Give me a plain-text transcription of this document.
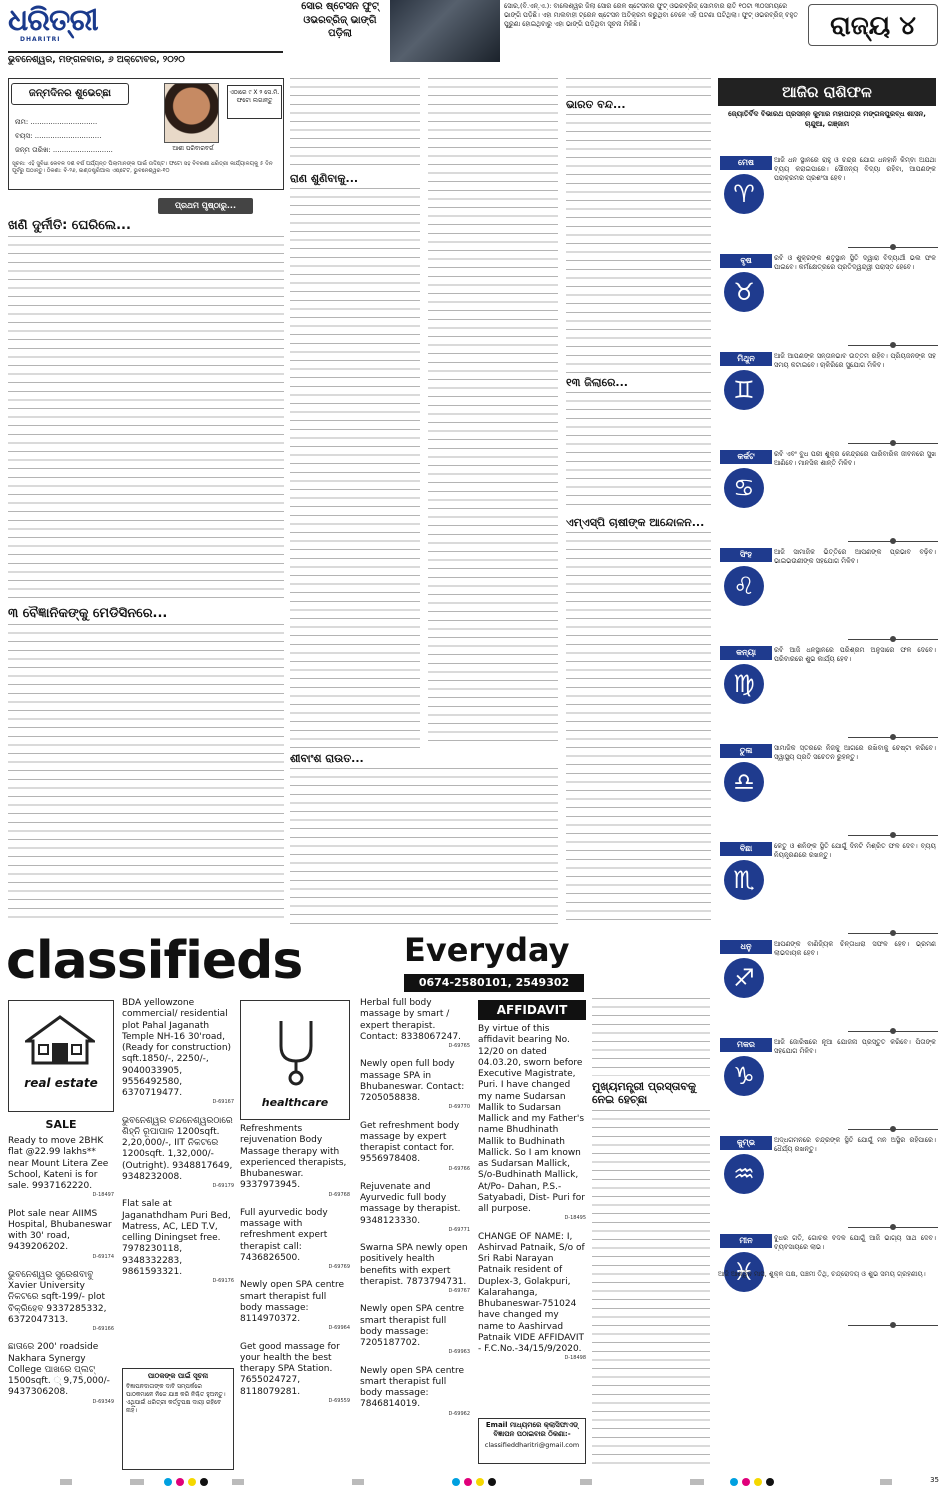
ଧରିତ୍ରୀ
DHARITRI
ସୋର ଷ୍ଟେସନ ଫୁଟ୍ ଓଭରବ୍ରିଜ୍ ଭାଙ୍ଗି ପଡ଼ିଲା
ସୋର,(ବି.ଏନ୍.ଏ.): ବାଲେଶ୍ୱର ଜିଲା ସୋର ରେଳ ଷ୍ଟେସନର ଫୁଟ୍ ଓଭରବ୍ରିଜ୍ ସୋମବାର ରାତି ୧୦ଟା ୩୦ସମୟରେ ଭାଙ୍ଗି ପଡ଼ିଛି। ଏହା ମାଲବାହୀ ଟ୍ରେନ ଷ୍ଟେସନ ଅତିକ୍ରମ କରୁଥିବା ବେଳେ ଏହି ଘଟଣା ଘଟିଥିଲା। ଫୁଟ୍ ଓଭରବ୍ରିଜ୍ ବହୁତ ପୁରୁଣା ହୋଇଥିବାରୁ ଏହା ଭାଙ୍ଗି ପଡ଼ିଥିବା ସୂଚନା ମିଳିଛି।	ରାଜ୍ୟ ୪
ଭୁବନେଶ୍ୱର, ମଙ୍ଗଳବାର, ୬ ଅକ୍ଟୋବର, ୨୦୨୦
ଜନ୍ମଦିନର ଶୁଭେଚ୍ଛା	ଏଠାରେ ୯ X ୨ ସେ.ମି. ଫଟୋ ଲଗାନ୍ତୁ
ନାମ: ..............................
ବୟସ: ..............................
ଜନ୍ମ ତାରିଖ: ...........................	ଆଶୀ ପରିବାରବର୍ଗ
ସୂଚନା: ଏହି ସୁବିଧା କେବଳ ଦଶ ବର୍ଷ ପର୍ଯ୍ୟନ୍ତ ପିଲାମାନଙ୍କ ପାଇଁ ଉଦ୍ଦିଷ୍ଟ। ଫଟୋ ସହ ବିବରଣୀ ଧରିତ୍ରୀ କାର୍ଯ୍ୟାଳୟକୁ ୫ ଦିନ ପୂର୍ବରୁ ପଠାନ୍ତୁ। ଠିକଣା: ବି-୨୬, ଇଣ୍ଡଷ୍ଟ୍ରିଆଲ ଏଷ୍ଟେଟ, ଭୁବନେଶ୍ୱର-୧୦
ପ୍ରଥମ ପୃଷ୍ଠାରୁ...
ଖଣି ଦୁର୍ନୀତି: ଘେରିଲେ...
୩ ବୈଜ୍ଞାନିକଙ୍କୁ ମେଡିସିନରେ...
ରାଣ ଶୁଣିବାକୁ...
ଶୀବାଂଶ ରାଉତ...
ଭାରତ ବନ୍ଦ...
୧୩ ଜିଲାରେ...
ଏମ୍ଏସ୍ପି ଚାଷୀଙ୍କ ଆନ୍ଦୋଳନ...
ଆଜିର ରାଶିଫଳ
ଜ୍ୟୋତିର୍ବିଦ ବିଭାରଥ ପ୍ରସନ୍ନ କୁମାର ମହାପାତ୍ର ମଙ୍ଗଳପୁରବ୍ଧ ଶାସନ, ଚାନ୍ଦୁଆ, ଗଞ୍ଜାମ
ମେଷ
♈
ଆଜି ଧନ ସ୍ଥାନରେ ରାହୁ ଓ ଚନ୍ଦ୍ର ଯୋଗ ଧନହାନି କିମ୍ବା ଅଯଥା ବ୍ୟୟ କରାଇପାରେ। ସୌଜନ୍ୟ ବିଦ୍ୟା ରହିବା, ଆପଣଙ୍କ ପରାକ୍ରମର ପ୍ରଶଂସା ହେବ।
ବୃଷ
♉
ରବି ଓ ଶୁକ୍ରଙ୍କ ଶତୃସ୍ଥାନ ସ୍ଥିତି ଦ୍ୱାରା ବିଦ୍ୟାର୍ଥୀ ଭଲ ଫଳ ପାଇବେ। କର୍ମକ୍ଷେତ୍ରରେ ପ୍ରତିଦ୍ୱନ୍ଦ୍ୱୀ ପରାସ୍ତ ହେବେ।
ମିଥୁନ
♊
ଆଜି ଆପଣଙ୍କ ସନ୍ତାନଭାବ ଉତ୍ତମ ରହିବ। ପ୍ରିୟଜନଙ୍କ ସହ ସମୟ କଟାଇବେ। ଚାକିରିରେ ସୁଯୋଗ ମିଳିବ।
କର୍କଟ
♋
ରବି ଏବଂ ବୁଧ ପରୀ ଶୁକ୍ର କେନ୍ଦ୍ରରେ ପାରିବାରିକ ଜୀବନରେ ସୁଖ ଆଣିବେ। ମାନସିକ ଶାନ୍ତି ମିଳିବ।
ସିଂହ
♌
ଆଜି ସାମାଜିକ ଭିତ୍ତିରେ ଆପଣଙ୍କ ପ୍ରଭାବ ବଢ଼ିବ। ଭାଇଭଉଣୀଙ୍କ ସହଯୋଗ ମିଳିବ।
କନ୍ୟା
♍
ରବି ଆଜି ଧନସ୍ଥାନରେ ପରିଶ୍ରମ ଅନୁସାରେ ଫଳ ଦେବେ। ପରିବାରରେ ଶୁଭ କାର୍ଯ୍ୟ ହେବ।
ତୁଳା
♎
ସାମାଜିକ ସ୍ତରରେ ନିଜକୁ ଆଗରେ ରଖିବାକୁ ଚେଷ୍ଟା କରିବେ। ସ୍ୱାସ୍ଥ୍ୟ ପ୍ରତି ସଚେତନ ରୁହନ୍ତୁ।
ବିଛା
♏
କେତୁ ଓ ଶନିଙ୍କ ସ୍ଥିତି ଯୋଗୁଁ ଦିନଟି ମିଶ୍ରିତ ଫଳ ଦେବ। ବ୍ୟୟ ନିୟନ୍ତ୍ରଣରେ ରଖନ୍ତୁ।
ଧନୁ
♐
ଆପଣଙ୍କ ବାଣିଜ୍ୟିକ ଚିନ୍ତାଧାରା ସଫଳ ହେବ। ଭ୍ରମଣ ଲାଭଦାୟକ ହେବ।
ମକର
♑
ଆଜି ଜୋରିଷରେ ନୂଆ ଯୋଜନା ପ୍ରସ୍ତୁତ କରିବେ। ପିତାଙ୍କ ସହଯୋଗ ମିଳିବ।
କୁମ୍ଭ
♒
ଅଦ୍ଧଗମନରେ ଚନ୍ଦ୍ରଙ୍କ ସ୍ଥିତି ଯୋଗୁଁ ମନ ଅସ୍ଥିର ରହିପାରେ। ଧୈର୍ଯ୍ୟ ରଖନ୍ତୁ।
ମୀନ
♓
ବୁଧର ଗତି, ଗୋଚର ବଦଳ ଯୋଗୁଁ ଆଜି ଭାଗ୍ୟ ସାଥ ଦେବ। ବ୍ୟବସାୟରେ ଲାଭ।
ଆଜି ଆଶ୍ୱିନ ମାସ, ଶୁକ୍ଳ ପକ୍ଷ, ପଞ୍ଚମୀ ତିଥି, ଚନ୍ଦ୍ରୋଦୟ ଓ ଶୁଭ ସମୟ ଗ୍ରହଣୀୟ।
classifieds	Everyday
0674-2580101, 2549302
ମୁଖ୍ୟମନ୍ତ୍ରୀ ପ୍ରସ୍ତାବକୁ ନେଇ ହେଚ୍ଛା
real estate
SALE
Ready to move 2BHK flat @22.99 lakhs** near Mount Litera Zee School, Kateni is for sale. 9937162220.
D-18497
Plot sale near AIIMS Hospital, Bhubaneswar with 30' road, 9439206202.
D-69174
ଭୁବନେଶ୍ୱର ସୁରେଶବାବୁ Xavier University ନିକଟରେ sqft-199/- plot ବିକ୍ରିହେବ 9337285332, 6372047313.
D-69166
ଛାତାରେ 200' roadside Nakhara Synergy College ପାଖରେ ପ୍ଲଟ୍ 1500sqft. ୍ 9,75,000/- 9437306208.
D-69349
BDA yellowzone commercial/ residential plot Pahal Jaganath Temple NH-16 30'road, (Ready for construction) sqft.1850/-, 2250/-, 9040033905, 9556492580, 6370719477.
D-69167
ଭୁବନେଶ୍ୱର ଚନ୍ଦନେଶ୍ୱରଠାରେ ଶିହ୍ନି ରୂପାପାଳ 1200sqft. 2,20,000/-, IIT ନିକଟରେ 1200sqft. 1,32,000/- (Outright). 9348817649, 9348232008.
D-69179
Flat sale at Jaganathdham Puri Bed, Matress, AC, LED T.V, celling Diningset free. 7978230118, 9348332283, 9861593321.
D-69176
ପାଠକଙ୍କ ପାଇଁ ସୂଚନା
ବିଜ୍ଞାପନଦାତାଙ୍କ ଦାବି ସମ୍ପର୍କରେ ପାଠକମାନେ ନିଜେ ଯାଞ୍ଚ କରି ନିଶ୍ଚିତ ହୁଅନ୍ତୁ। ଏଥିପାଇଁ ଧରିତ୍ରୀ କର୍ତ୍ତୃପକ୍ଷ ଦାୟୀ ରହିବେ ନାହିଁ।
healthcare
Refreshments rejuvenation Body Massage therapy with experienced therapists, Bhubaneswar. 9337973945.
D-69768
Full ayurvedic body massage with refreshment expert therapist call: 7436826500.
D-69769
Newly open SPA centre smart therapist full body massage: 8114970372.
D-69964
Get good massage for your health the best therapy SPA Station. 7655024727, 8118079281.
D-69559
Herbal full body massage by smart / expert therapist. Contact: 8338067247.
D-69765
Newly open full body massage SPA in Bhubaneswar. Contact: 7205058838.
D-69770
Get refreshment body massage by expert therapist contact for. 9556978408.
D-69766
Rejuvenate and Ayurvedic full body massage by therapist. 9348123330.
D-69771
Swarna SPA newly open positively health benefits with expert therapist. 7873794731.
D-69767
Newly open SPA centre smart therapist full body massage: 7205187702.
D-69963
Newly open SPA centre smart therapist full body massage: 7846814019.
D-69962
AFFIDAVIT
By virtue of this affidavit bearing No. 12/20 on dated 04.03.20, sworn before Executive Magistrate, Puri. I have changed my name Sudarsan Mallik to Sudarsan Mallick and my Father's name Bhudhinath Mallik to Budhinath Mallick. So I am known as Sudarsan Mallick, S/o-Budhinath Mallick, At/Po- Dahan, P.S.-Satyabadi, Dist- Puri for all purpose.
D-18495
CHANGE OF NAME: I, Ashirvad Patnaik, S/o of Sri Rabi Narayan Patnaik resident of Duplex-3, Golakpuri, Kalarahanga, Bhubaneswar-751024 have changed my name to Aashirvad Patnaik VIDE AFFIDAVIT - F.C.No.-34/15/9/2020.
D-18498
Email ମାଧ୍ୟମରେ କ୍ଲାସିଫାଏଡ୍ ବିଜ୍ଞାପନ ପଠାଇବାର ଠିକଣା:-
classifieddharitri@gmail.com
35
